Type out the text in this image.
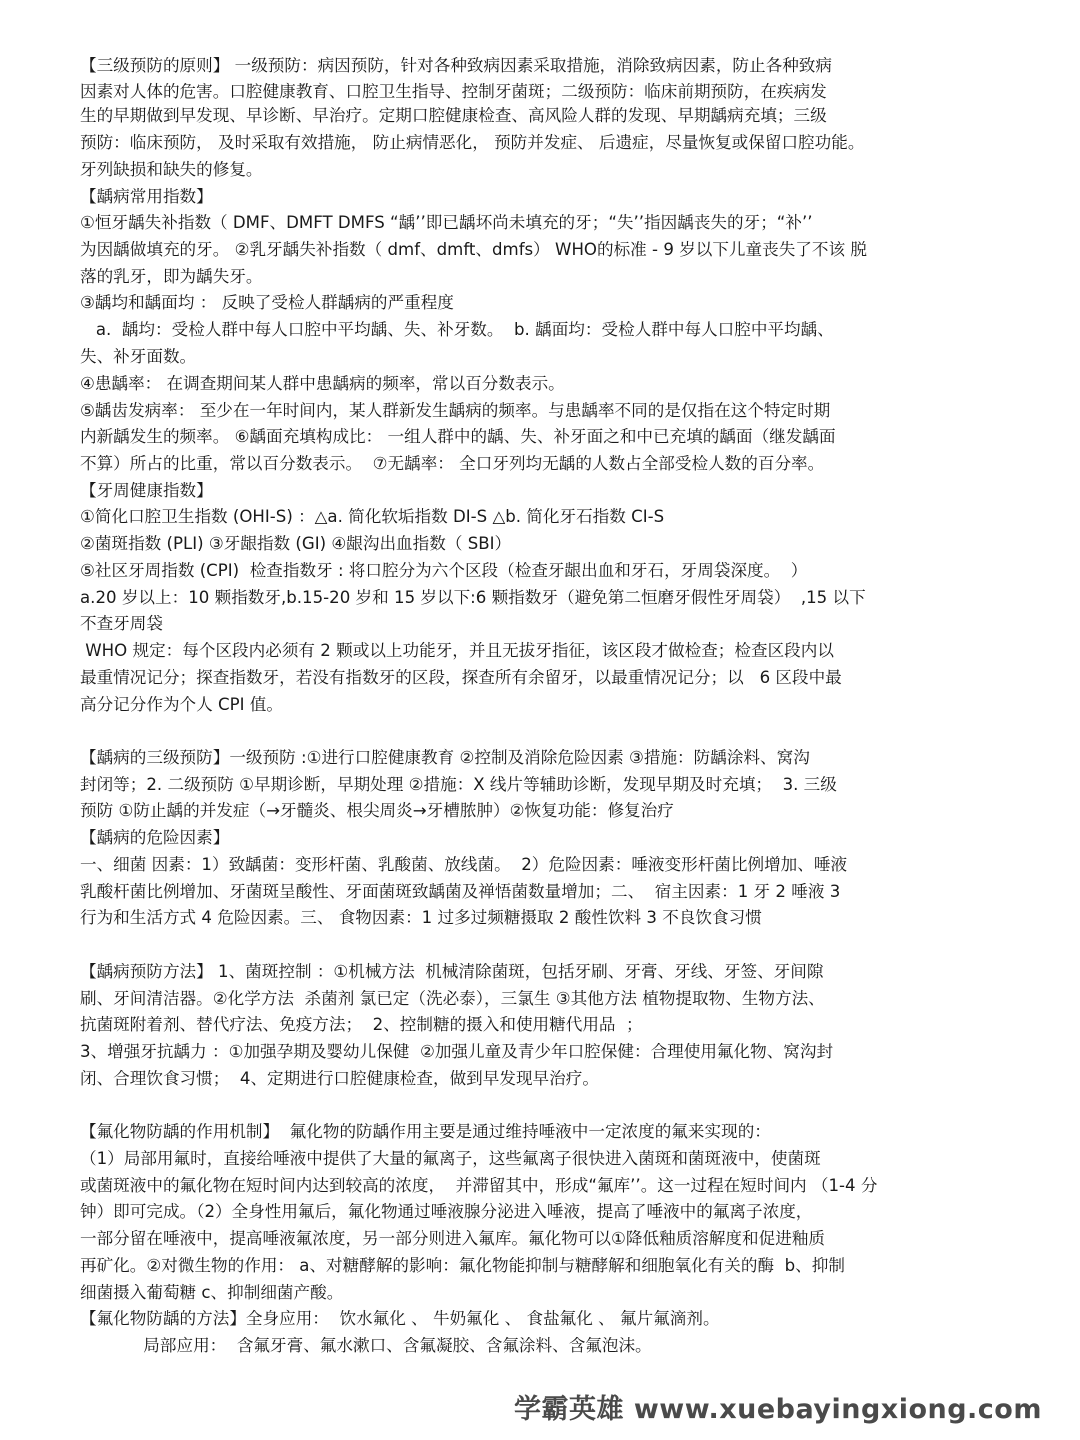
【三级预防的原则】 一级预防：病因预防，针对各种致病因素采取措施，消除致病因素，防止各种致病
因素对人体的危害。口腔健康教育、口腔卫生指导、控制牙菌斑；二级预防：临床前期预防，在疾病发
生的早期做到早发现、早诊断、早治疗。定期口腔健康检查、高风险人群的发现、早期龋病充填；三级
预防：临床预防， 及时采取有效措施， 防止病情恶化， 预防并发症、 后遗症，尽量恢复或保留口腔功能。
牙列缺损和缺失的修复。
【龋病常用指数】
①恒牙龋失补指数（ DMF、DMFT DMFS “龋’’即已龋坏尚未填充的牙；“失’’指因龋丧失的牙；“补’’
为因龋做填充的牙。 ②乳牙龋失补指数（ dmf、dmft、dmfs） WHO的标准 - 9 岁以下儿童丧失了不该 脱
落的乳牙，即为龋失牙。
③龋均和龋面均 ： 反映了受检人群龋病的严重程度
a.  龋均：受检人群中每人口腔中平均龋、失、补牙数。  b. 龋面均：受检人群中每人口腔中平均龋、
失、补牙面数。
④患龋率： 在调查期间某人群中患龋病的频率，常以百分数表示。
⑤龋齿发病率： 至少在一年时间内，某人群新发生龋病的频率。与患龋率不同的是仅指在这个特定时期
内新龋发生的频率。 ⑥龋面充填构成比： 一组人群中的龋、失、补牙面之和中已充填的龋面（继发龋面
不算）所占的比重，常以百分数表示。  ⑦无龋率： 全口牙列均无龋的人数占全部受检人数的百分率。
【牙周健康指数】
①简化口腔卫生指数 (OHI-S) ：△a. 简化软垢指数 DI-S △b. 简化牙石指数 CI-S
②菌斑指数 (PLI) ③牙龈指数 (GI) ④龈沟出血指数（ SBI）
⑤社区牙周指数 (CPI)  检查指数牙 : 将口腔分为六个区段（检查牙龈出血和牙石，牙周袋深度。  ）
a.20 岁以上：10 颗指数牙,b.15-20 岁和 15 岁以下:6 颗指数牙（避免第二恒磨牙假性牙周袋）  ,15 以下
不查牙周袋
WHO 规定：每个区段内必须有 2 颗或以上功能牙，并且无拔牙指征，该区段才做检查；检查区段内以
最重情况记分；探查指数牙，若没有指数牙的区段，探查所有余留牙，以最重情况记分；以   6 区段中最
高分记分作为个人 CPI 值。
【龋病的三级预防】一级预防 :①进行口腔健康教育 ②控制及消除危险因素 ③措施：防龋涂料、窝沟
封闭等；2. 二级预防 ①早期诊断，早期处理 ②措施：X 线片等辅助诊断，发现早期及时充填；  3. 三级
预防 ①防止龋的并发症（→牙髓炎、根尖周炎→牙槽脓肿）②恢复功能：修复治疗
【龋病的危险因素】
一、细菌 因素：1）致龋菌：变形杆菌、乳酸菌、放线菌。  2）危险因素：唾液变形杆菌比例增加、唾液
乳酸杆菌比例增加、牙菌斑呈酸性、牙面菌斑致龋菌及禅悟菌数量增加；二、  宿主因素：1 牙 2 唾液 3
行为和生活方式 4 危险因素。三、 食物因素：1 过多过频糖摄取 2 酸性饮料 3 不良饮食习惯
【龋病预防方法】 1、菌斑控制 ：①机械方法  机械清除菌斑，包括牙刷、牙膏、牙线、牙签、牙间隙
刷、牙间清洁器。②化学方法  杀菌剂 氯已定（洗必泰），三氯生 ③其他方法 植物提取物、生物方法、
抗菌斑附着剂、替代疗法、免疫方法；  2、控制糖的摄入和使用糖代用品  ；
3、增强牙抗龋力 ：①加强孕期及婴幼儿保健  ②加强儿童及青少年口腔保健：合理使用氟化物、窝沟封
闭、合理饮食习惯；  4、定期进行口腔健康检查，做到早发现早治疗。
【氟化物防龋的作用机制】  氟化物的防龋作用主要是通过维持唾液中一定浓度的氟来实现的：
（1）局部用氟时，直接给唾液中提供了大量的氟离子，这些氟离子很快进入菌斑和菌斑液中，使菌斑
或菌斑液中的氟化物在短时间内达到较高的浓度，  并滞留其中，形成“氟库’’。这一过程在短时间内 （1-4 分
钟）即可完成。（2）全身性用氟后，氟化物通过唾液腺分泌进入唾液，提高了唾液中的氟离子浓度，
一部分留在唾液中，提高唾液氟浓度，另一部分则进入氟库。氟化物可以①降低釉质溶解度和促进釉质
再矿化。②对微生物的作用： a、对糖酵解的影响：氟化物能抑制与糖酵解和细胞氧化有关的酶  b、抑制
细菌摄入葡萄糖 c、抑制细菌产酸。
【氟化物防龋的方法】全身应用：  饮水氟化 、 牛奶氟化 、 食盐氟化 、 氟片氟滴剂。
局部应用：  含氟牙膏、氟水漱口、含氟凝胶、含氟涂料、含氟泡沫。
学霸英雄 www.xuebayingxiong.com
